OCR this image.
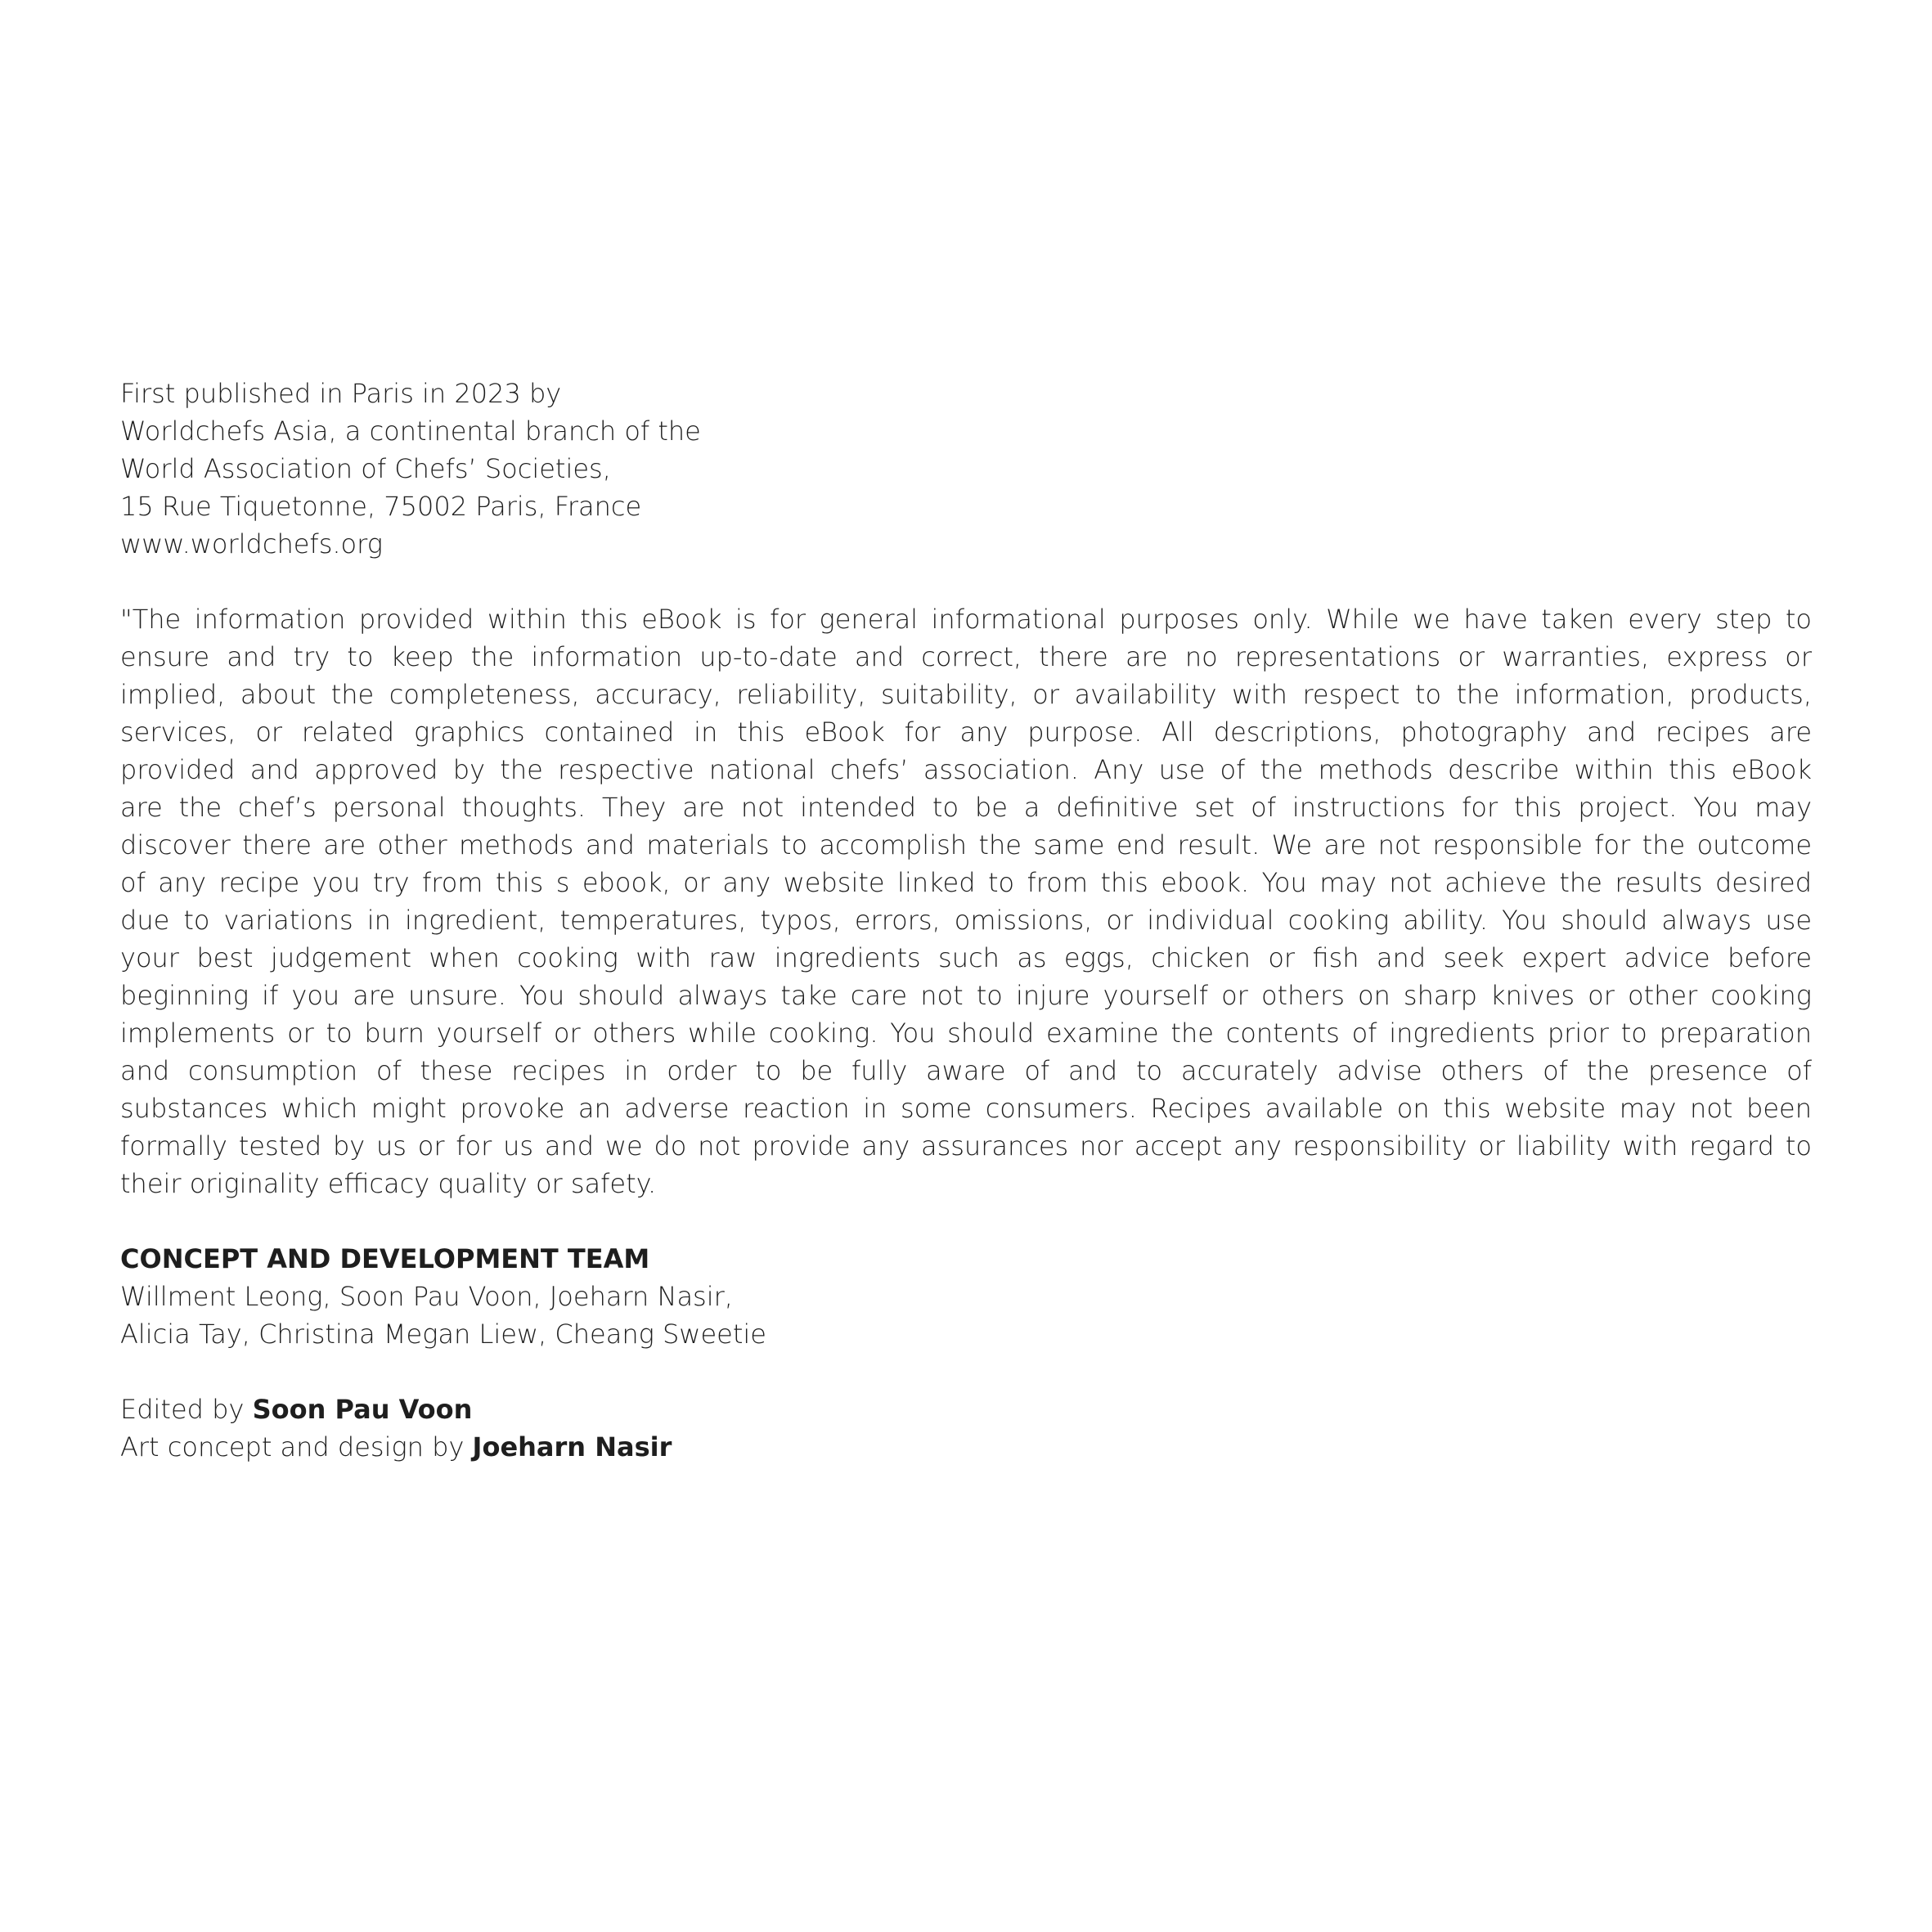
First published in Paris in 2023 by
Worldchefs Asia, a continental branch of the
World Association of Chefs’ Societies,
15 Rue Tiquetonne, 75002 Paris, France
www.worldchefs.org
"The information provided within this eBook is for general informational purposes only. While we have taken every step to
ensure and try to keep the information up-to-date and correct, there are no representations or warranties, express or
implied, about the completeness, accuracy, reliability, suitability, or availability with respect to the information, products,
services, or related graphics contained in this eBook for any purpose. All descriptions, photography and recipes are
provided and approved by the respective national chefs’ association. Any use of the methods describe within this eBook
are the chef’s personal thoughts. They are not intended to be a definitive set of instructions for this project. You may
discover there are other methods and materials to accomplish the same end result. We are not responsible for the outcome
of any recipe you try from this s ebook, or any website linked to from this ebook. You may not achieve the results desired
due to variations in ingredient, temperatures, typos, errors, omissions, or individual cooking ability. You should always use
your best judgement when cooking with raw ingredients such as eggs, chicken or fish and seek expert advice before
beginning if you are unsure. You should always take care not to injure yourself or others on sharp knives or other cooking
implements or to burn yourself or others while cooking. You should examine the contents of ingredients prior to preparation
and consumption of these recipes in order to be fully aware of and to accurately advise others of the presence of
substances which might provoke an adverse reaction in some consumers. Recipes available on this website may not been
formally tested by us or for us and we do not provide any assurances nor accept any responsibility or liability with regard to
their originality efficacy quality or safety.
CONCEPT AND DEVELOPMENT TEAM
Willment Leong, Soon Pau Voon, Joeharn Nasir,
Alicia Tay, Christina Megan Liew, Cheang Sweetie
Edited by Soon Pau Voon
Art concept and design by Joeharn Nasir
